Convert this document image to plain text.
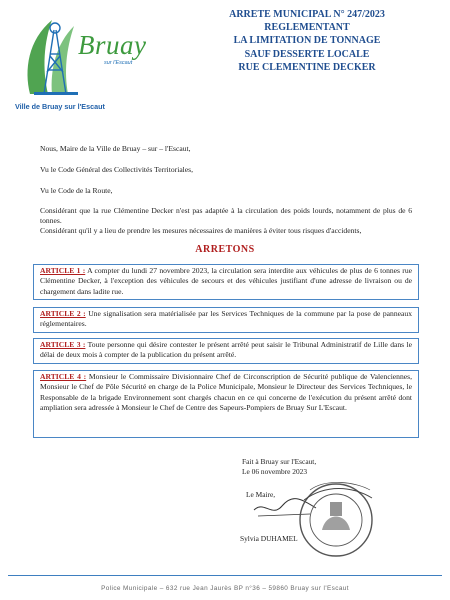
Bruay
sur l'Escaut
Ville de Bruay sur l'Escaut
ARRETE MUNICIPAL N° 247/2023
REGLEMENTANT
LA LIMITATION DE TONNAGE
SAUF DESSERTE LOCALE
RUE CLEMENTINE DECKER
Nous, Maire de la Ville de Bruay – sur – l'Escaut,
Vu le Code Général des Collectivités Territoriales,
Vu le Code de la Route,
Considérant que la rue Clémentine Decker n'est pas adaptée à la circulation des poids lourds, notamment de plus de 6 tonnes.
Considérant qu'il y a lieu de prendre les mesures nécessaires de manières à éviter tous risques d'accidents,
ARRETONS
ARTICLE 1 : A compter du lundi 27 novembre 2023, la circulation sera interdite aux véhicules de plus de 6 tonnes rue Clémentine Decker, à l'exception des véhicules de secours et des véhicules justifiant d'une adresse de livraison ou de chargement dans ladite rue.
ARTICLE 2 : Une signalisation sera matérialisée par les Services Techniques de la commune par la pose de panneaux réglementaires.
ARTICLE 3 : Toute personne qui désire contester le présent arrêté peut saisir le Tribunal Administratif de Lille dans le délai de deux mois à compter de la publication du présent arrêté.
ARTICLE 4 : Monsieur le Commissaire Divisionnaire Chef de Circonscription de Sécurité publique de Valenciennes, Monsieur le Chef de Pôle Sécurité en charge de la Police Municipale, Monsieur le Directeur des Services Techniques, le Responsable de la brigade Environnement sont chargés chacun en ce qui concerne de l'exécution du présent arrêté dont ampliation sera adressée à Monsieur le Chef de Centre des Sapeurs-Pompiers de Bruay Sur L'Escaut.
Fait à Bruay sur l'Escaut,
Le 06 novembre 2023
Le Maire,
Sylvia DUHAMEL
Police Municipale – 632 rue Jean Jaurès BP n°36 – 59860 Bruay sur l'Escaut
